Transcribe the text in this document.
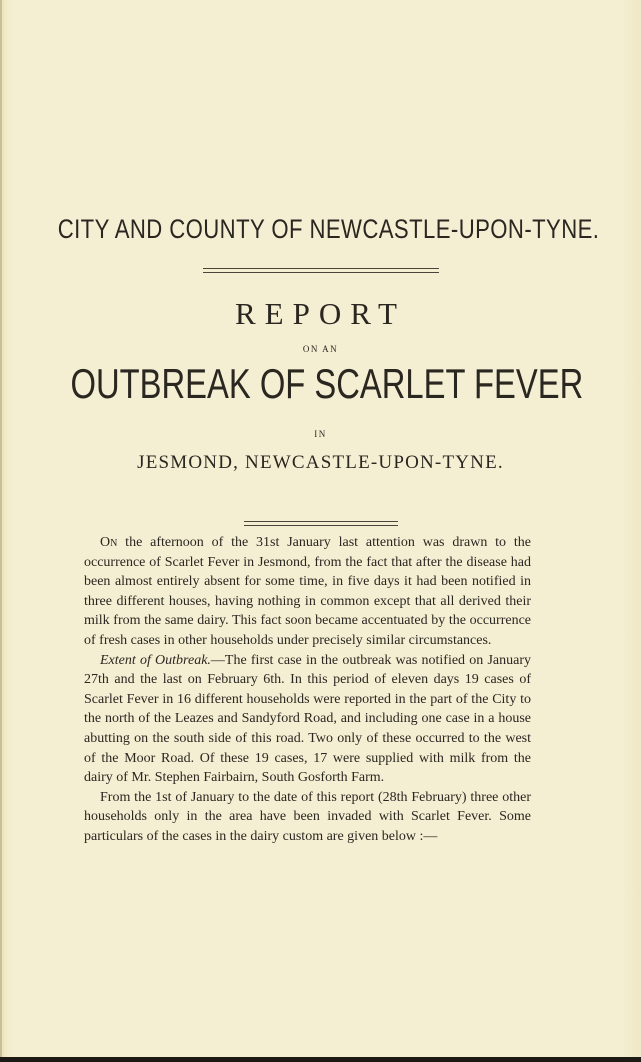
CITY AND COUNTY OF NEWCASTLE-UPON-TYNE.
REPORT
ON AN
OUTBREAK OF SCARLET FEVER
IN
JESMOND, NEWCASTLE-UPON-TYNE.

On the afternoon of the 31st January last attention was drawn to the occurrence of Scarlet Fever in Jesmond, from the fact that after the disease had been almost entirely absent for some time, in five days it had been notified in three different houses, having nothing in common except that all derived their milk from the same dairy. This fact soon became accentuated by the occurrence of fresh cases in other households under precisely similar circumstances.

Extent of Outbreak.—The first case in the outbreak was notified on January 27th and the last on February 6th. In this period of eleven days 19 cases of Scarlet Fever in 16 different households were reported in the part of the City to the north of the Leazes and Sandyford Road, and including one case in a house abutting on the south side of this road. Two only of these occurred to the west of the Moor Road. Of these 19 cases, 17 were supplied with milk from the dairy of Mr. Stephen Fairbairn, South Gosforth Farm.

From the 1st of January to the date of this report (28th February) three other households only in the area have been invaded with Scarlet Fever. Some particulars of the cases in the dairy custom are given below :—
